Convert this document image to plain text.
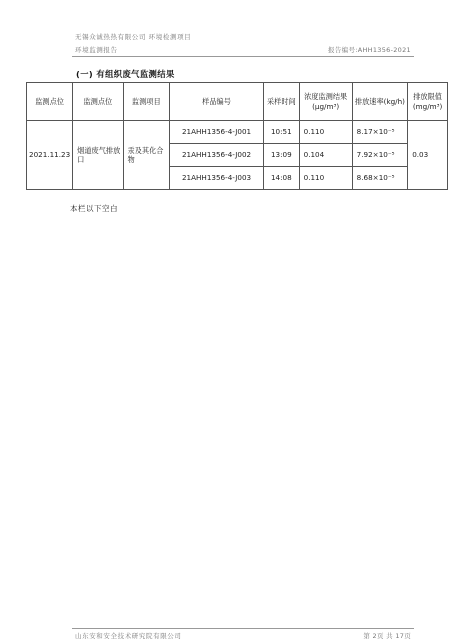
无锡众诚热热有限公司 环境检测项目
环境监测报告	报告编号:AHH1356-2021
(一) 有组织废气监测结果
监测点位	监测点位	监测项目	样品编号	采样时间	浓度监测结果(μg/m³)	排放速率(kg/h)	排放限值(mg/m³)
2021.11.23	烟道废气排放口	汞及其化合物	21AHH1356-4-J001	10:51	0.110	8.17×10⁻⁵	0.03
			21AHH1356-4-J002	13:09	0.104	7.92×10⁻⁵	
			21AHH1356-4-J003	14:08	0.110	8.68×10⁻⁵	
本栏以下空白
山东安和安全技术研究院有限公司	第 2页 共 17页
